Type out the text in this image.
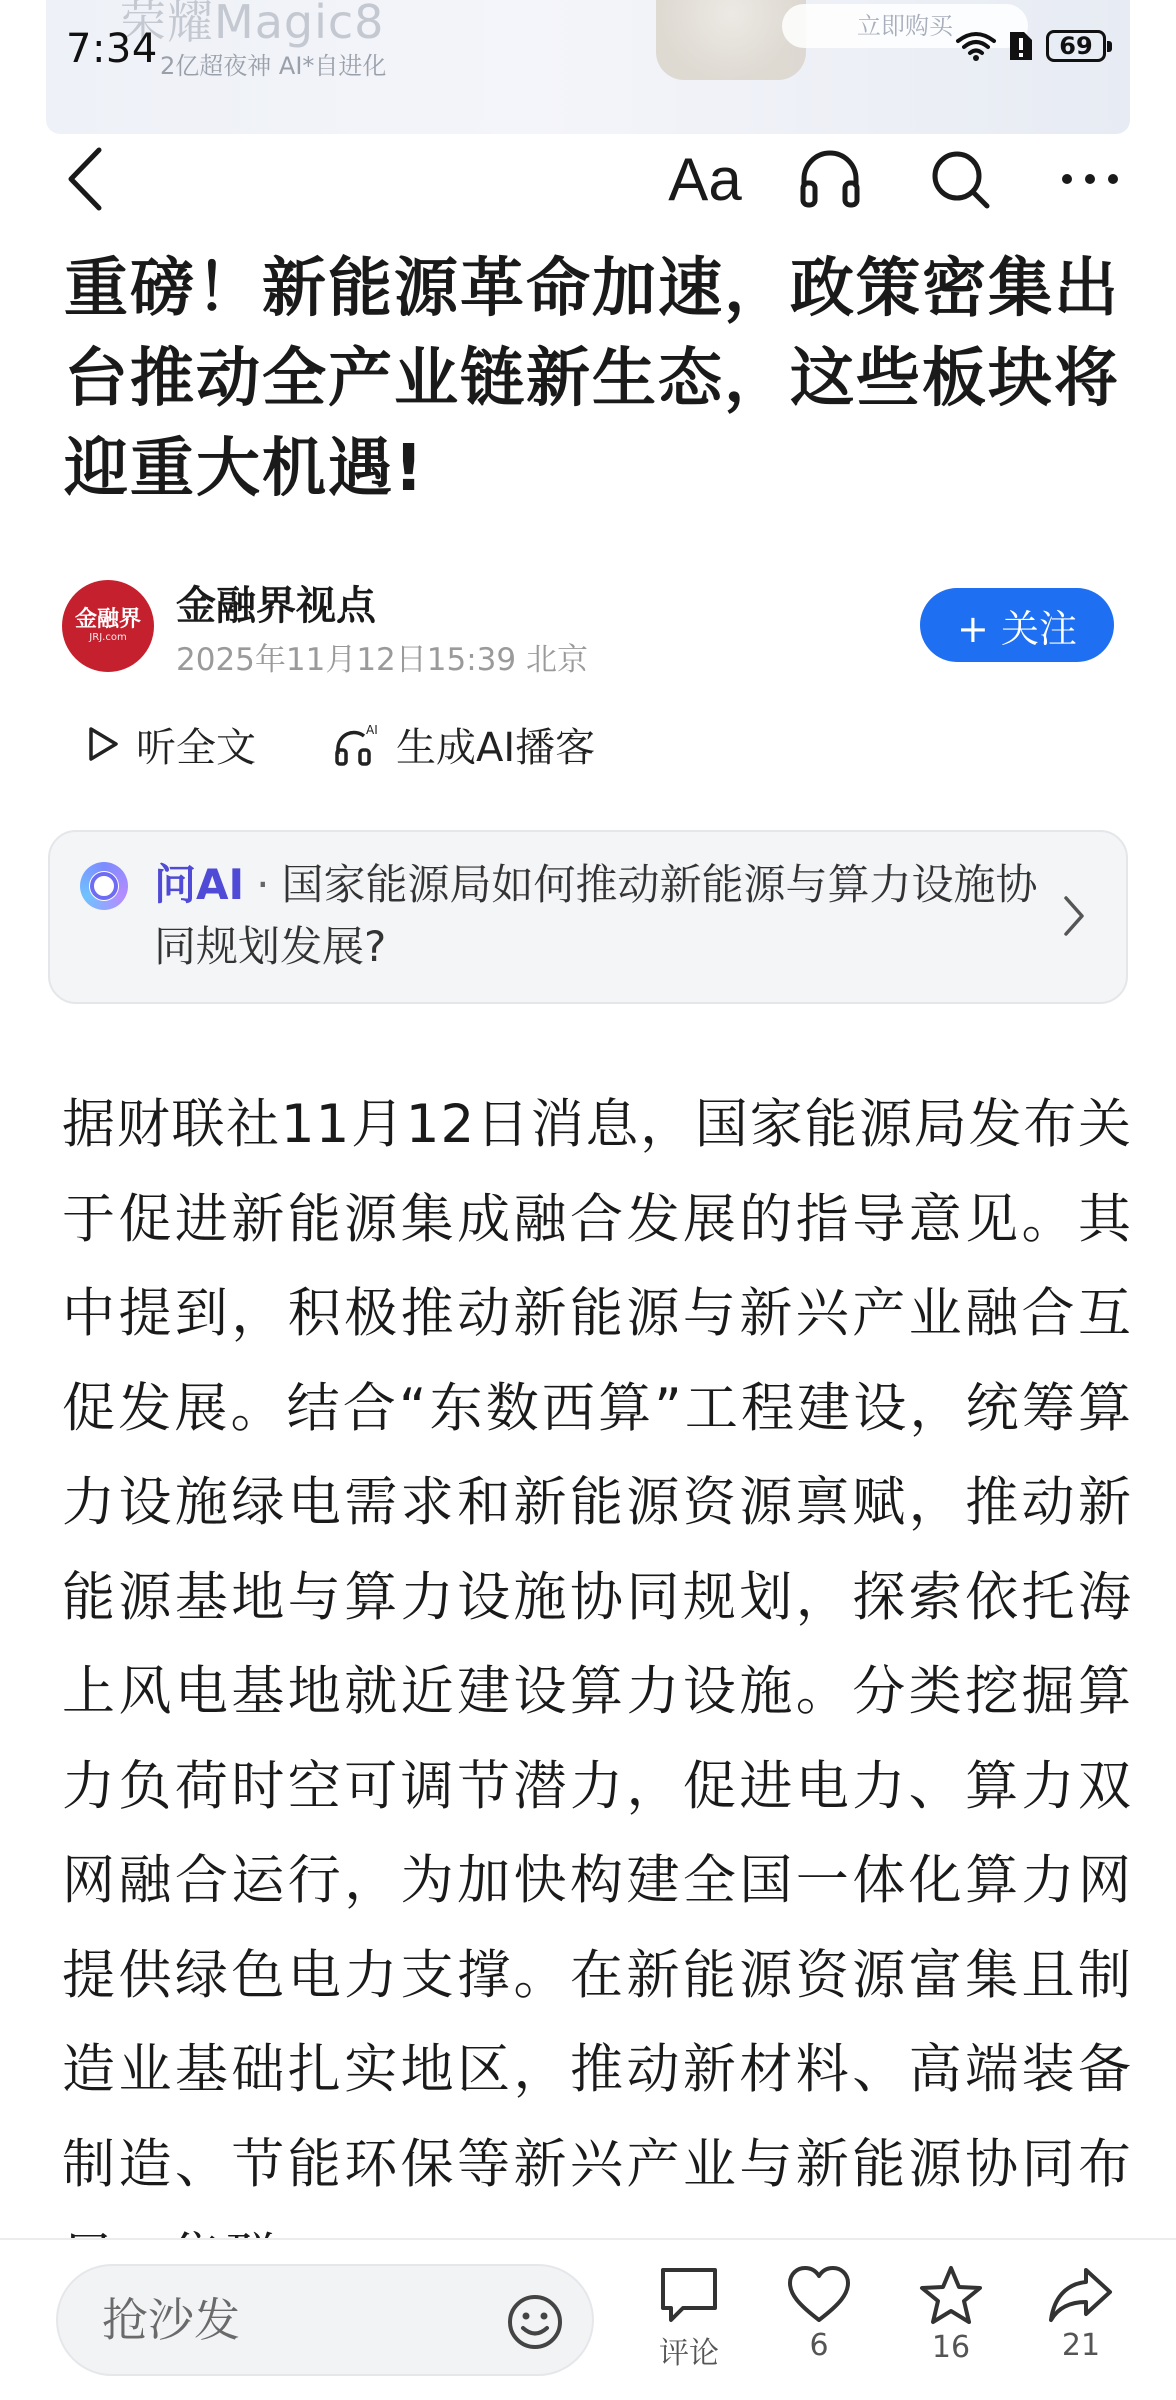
荣耀Magic8
2亿超夜神 AI*自进化
立即购买
7:34	69
Aa
重磅！新能源革命加速，政策密集出台推动全产业链新生态，这些板块将迎重大机遇!
金融界
JRJ.com
金融界视点
2025年11月12日15:39 北京
+ 关注
听全文	AI 生成AI播客
问AI · 国家能源局如何推动新能源与算力设施协同规划发展?
据财联社11月12日消息，国家能源局发布关于促进新能源集成融合发展的指导意见。其中提到，积极推动新能源与新兴产业融合互促发展。结合“东数西算”工程建设，统筹算力设施绿电需求和新能源资源禀赋，推动新能源基地与算力设施协同规划，探索依托海上风电基地就近建设算力设施。分类挖掘算力负荷时空可调节潜力，促进电力、算力双网融合运行，为加快构建全国一体化算力网提供绿色电力支撑。在新能源资源富集且制造业基础扎实地区，推动新材料、高端装备制造、节能环保等新兴产业与新能源协同布
抢沙发
评论	6	16	21
